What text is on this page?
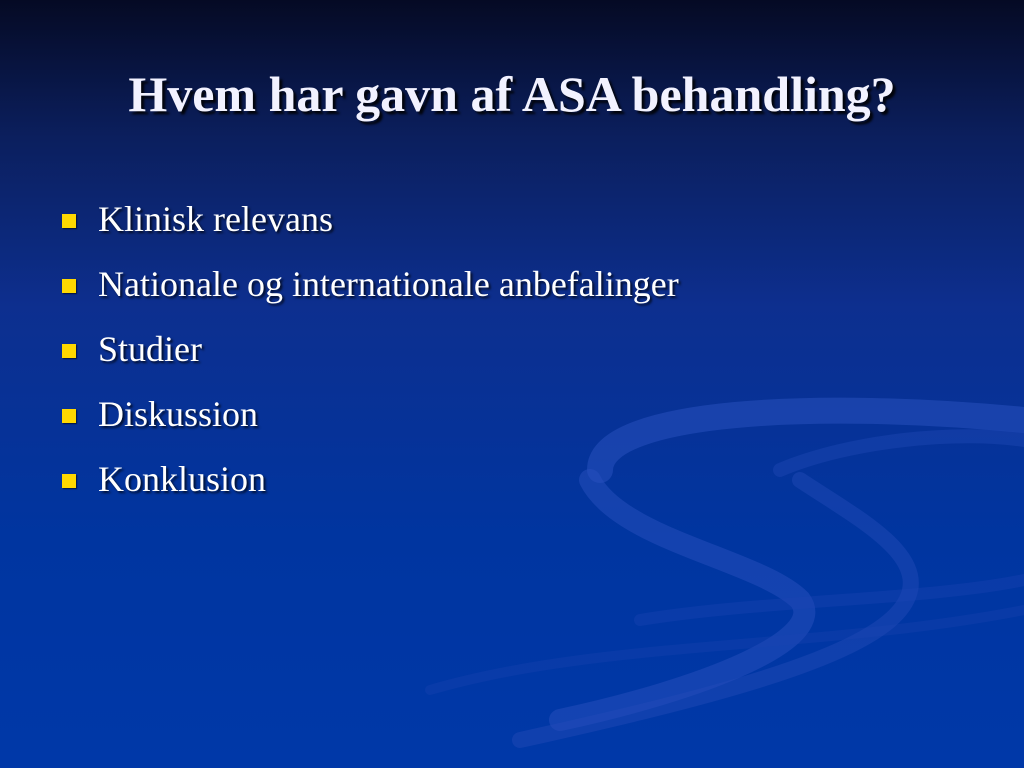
Hvem har gavn af ASA behandling?
Klinisk relevans
Nationale og internationale anbefalinger
Studier
Diskussion
Konklusion
